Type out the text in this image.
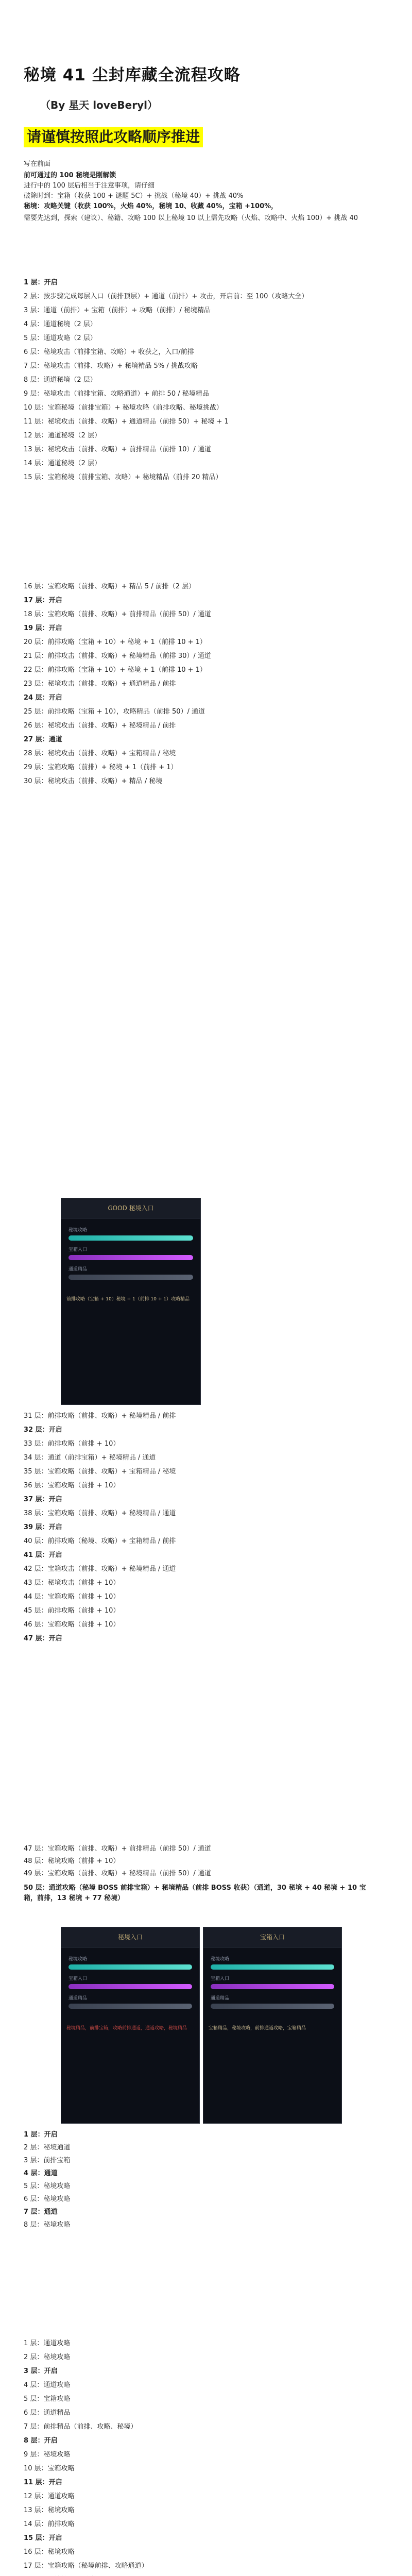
秘境 41 尘封库藏全流程攻略
（By 星天 loveBeryl）
请谨慎按照此攻略顺序推进
写在前面
前可通过的 100 秘境是刚解锁
进行中的 100 层后相当于注意事项，请仔细
破除时到：宝箱（收获 100 + 谜题 5C）+ 挑战（秘境 40）+ 挑战 40%
秘境：攻略关键（收获 100%，火焰 40%，秘境 10、收藏 40%，宝箱 +100%，
需要先达到，探索（建议）、秘籍、攻略 100 以上秘境 10 以上需先攻略（火焰、攻略中、火焰 100）+ 挑战 40
1 层：开启
2 层：按步骤完成每层入口（前排顶层）+ 通道（前排）+ 攻击，开启前：至 100（攻略大全）
3 层：通道（前排）+ 宝箱（前排）+ 攻略（前排）/ 秘境精品
4 层：通道秘境（2 层）
5 层：通道攻略（2 层）
6 层：秘境攻击（前排宝箱、攻略）+ 收获之，入口/前排
7 层：秘境攻击（前排、攻略）+ 秘境精品 5% / 挑战攻略
8 层：通道秘境（2 层）
9 层：秘境攻击（前排宝箱、攻略通道）+ 前排 50 / 秘境精品
10 层：宝箱秘境（前排宝箱）+ 秘境攻略（前排攻略、秘境挑战）
11 层：秘境攻击（前排、攻略）+ 通道精品（前排 50）+ 秘境 + 1
12 层：通道秘境（2 层）
13 层：秘境攻击（前排、攻略）+ 前排精品（前排 10）/ 通道
14 层：通道秘境（2 层）
15 层：宝箱秘境（前排宝箱、攻略）+ 秘境精品（前排 20 精品）
16 层：宝箱攻略（前排、攻略）+ 精品 5 / 前排（2 层）
17 层：开启
18 层：宝箱攻略（前排、攻略）+ 前排精品（前排 50）/ 通道
19 层：开启
20 层：前排攻略（宝箱 + 10）+ 秘境 + 1（前排 10 + 1）
21 层：前排攻击（前排、攻略）+ 秘境精品（前排 30）/ 通道
22 层：前排攻略（宝箱 + 10）+ 秘境 + 1（前排 10 + 1）
23 层：秘境攻击（前排、攻略）+ 通道精品 / 前排
24 层：开启
25 层：前排攻略（宝箱 + 10），攻略精品（前排 50）/ 通道
26 层：秘境攻击（前排、攻略）+ 秘境精品 / 前排
27 层：通道
28 层：秘境攻击（前排、攻略）+ 宝箱精品 / 秘境
29 层：宝箱攻略（前排）+ 秘境 + 1（前排 + 1）
30 层：秘境攻击（前排、攻略）+ 精品 / 秘境
GOOD 秘境入口
秘境攻略
宝箱入口
通道精品
前排攻略（宝箱 + 10）秘境 + 1（前排 10 + 1）攻略精品
31 层：前排攻略（前排、攻略）+ 秘境精品 / 前排
32 层：开启
33 层：前排攻略（前排 + 10）
34 层：通道（前排宝箱）+ 秘境精品 / 通道
35 层：宝箱攻略（前排、攻略）+ 宝箱精品 / 秘境
36 层：宝箱攻略（前排 + 10）
37 层：开启
38 层：宝箱攻略（前排、攻略）+ 秘境精品 / 通道
39 层：开启
40 层：前排攻略（秘境、攻略）+ 宝箱精品 / 前排
41 层：开启
42 层：宝箱攻击（前排、攻略）+ 秘境精品 / 通道
43 层：秘境攻击（前排 + 10）
44 层：宝箱攻略（前排 + 10）
45 层：前排攻略（前排 + 10）
46 层：宝箱攻略（前排 + 10）
47 层：开启
47 层：宝箱攻略（前排、攻略）+ 前排精品（前排 50）/ 通道
48 层：秘境攻略（前排 + 10）
49 层：宝箱攻略（前排、攻略）+ 秘境精品（前排 50）/ 通道
50 层：通道攻略（秘境 BOSS 前排宝箱）+ 秘境精品（前排 BOSS 收获）（通道，30 秘境 + 40 秘境 + 10 宝箱，前排，13 秘境 + 77 秘境）
秘境入口
秘境攻略
宝箱入口
通道精品
秘境精品，前排宝箱，攻略前排通道，通道攻略，秘境精品
宝箱入口
秘境攻略
宝箱入口
通道精品
宝箱精品，秘境攻略，前排通道攻略，宝箱精品
1 层：开启
2 层：秘境通道
3 层：前排宝箱
4 层：通道
5 层：秘境攻略
6 层：秘境攻略
7 层：通道
8 层：秘境攻略
1 层：通道攻略
2 层：秘境攻略
3 层：开启
4 层：通道攻略
5 层：宝箱攻略
6 层：通道精品
7 层：前排精品（前排、攻略、秘境）
8 层：开启
9 层：秘境攻略
10 层：宝箱攻略
11 层：开启
12 层：通道攻略
13 层：秘境攻略
14 层：前排攻略
15 层：开启
16 层：秘境攻略
17 层：宝箱攻略（秘境前排、攻略通道）
